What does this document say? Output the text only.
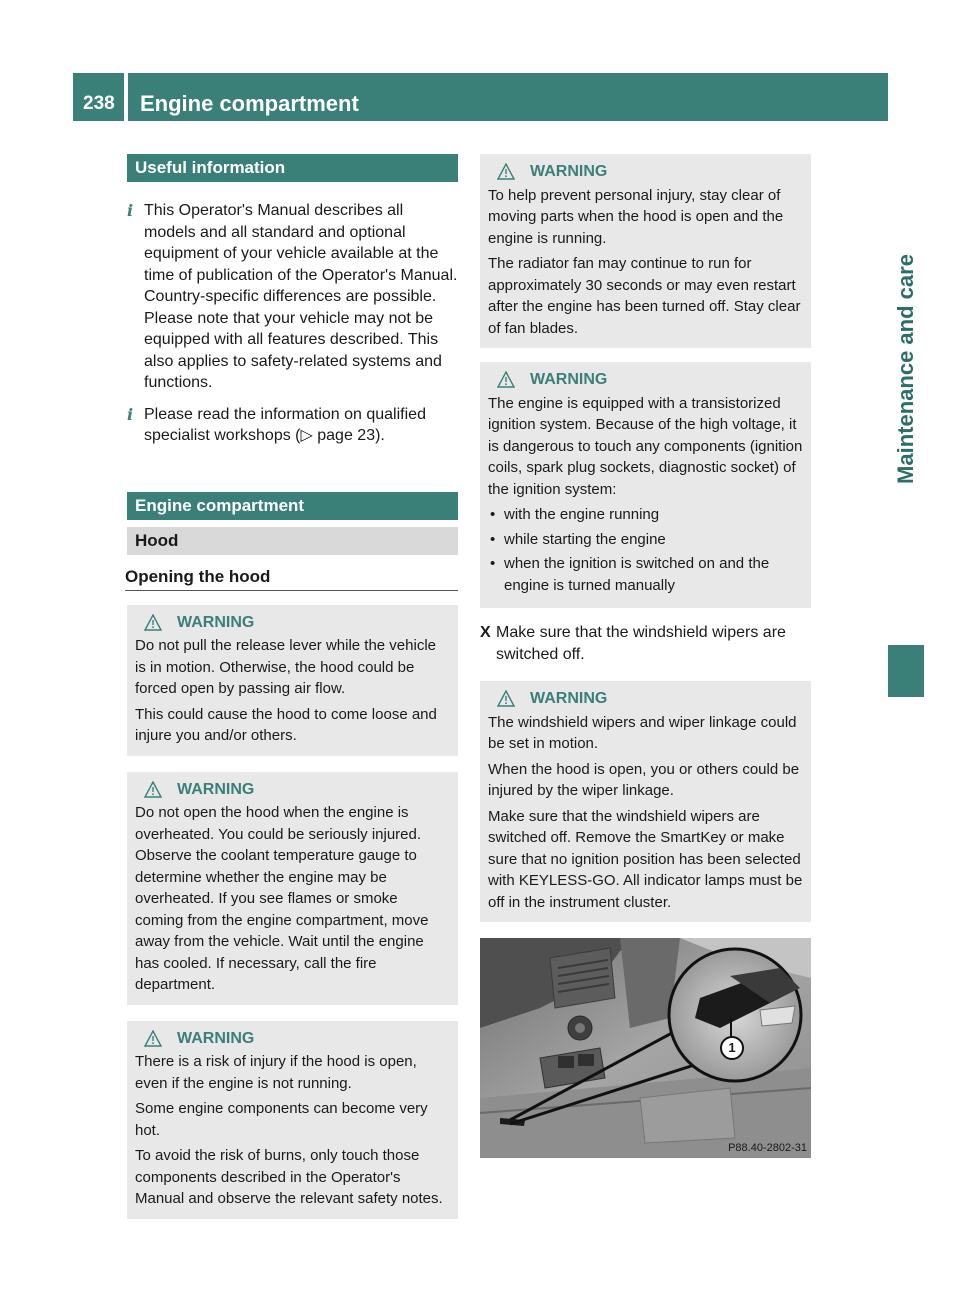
238 Engine compartment
Maintenance and care
Useful information
i This Operator's Manual describes all models and all standard and optional equipment of your vehicle available at the time of publication of the Operator's Manual. Country-specific differences are possible. Please note that your vehicle may not be equipped with all features described. This also applies to safety-related systems and functions.
i Please read the information on qualified specialist workshops (▷ page 23).
Engine compartment
Hood
Opening the hood
WARNING

Do not pull the release lever while the vehicle is in motion. Otherwise, the hood could be forced open by passing air flow.

This could cause the hood to come loose and injure you and/or others.

WARNING

Do not open the hood when the engine is overheated. You could be seriously injured. Observe the coolant temperature gauge to determine whether the engine may be overheated. If you see flames or smoke coming from the engine compartment, move away from the vehicle. Wait until the engine has cooled. If necessary, call the fire department.

WARNING

There is a risk of injury if the hood is open, even if the engine is not running.

Some engine components can become very hot.

To avoid the risk of burns, only touch those components described in the Operator's Manual and observe the relevant safety notes.

WARNING

To help prevent personal injury, stay clear of moving parts when the hood is open and the engine is running.

The radiator fan may continue to run for approximately 30 seconds or may even restart after the engine has been turned off. Stay clear of fan blades.

WARNING

The engine is equipped with a transistorized ignition system. Because of the high voltage, it is dangerous to touch any components (ignition coils, spark plug sockets, diagnostic socket) of the ignition system:

• with the engine running
• while starting the engine
• when the ignition is switched on and the engine is turned manually
X Make sure that the windshield wipers are switched off.
WARNING

The windshield wipers and wiper linkage could be set in motion.

When the hood is open, you or others could be injured by the wiper linkage.

Make sure that the windshield wipers are switched off. Remove the SmartKey or make sure that no ignition position has been selected with KEYLESS-GO. All indicator lamps must be off in the instrument cluster.

1
P88.40-2802-31
